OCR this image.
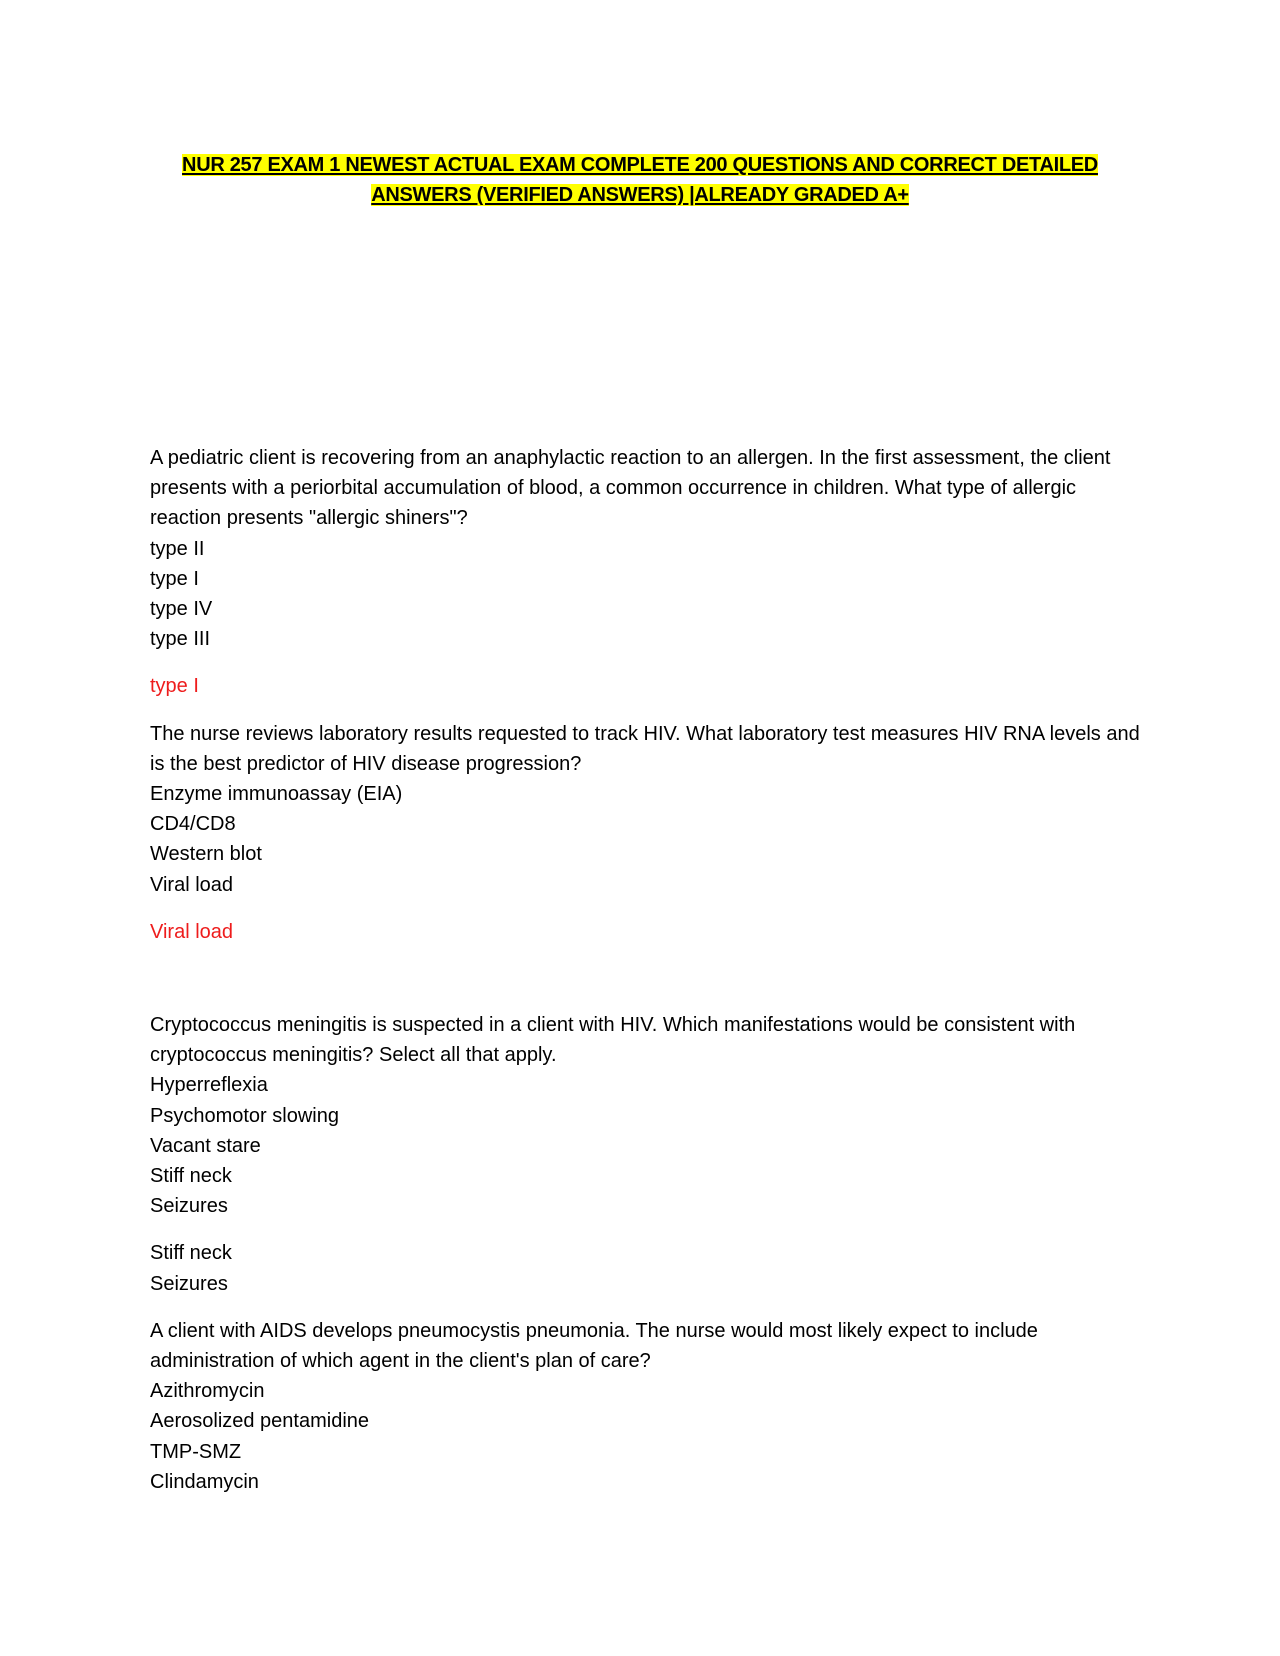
NUR 257 EXAM 1 NEWEST ACTUAL EXAM COMPLETE 200 QUESTIONS AND CORRECT DETAILED
ANSWERS (VERIFIED ANSWERS) |ALREADY GRADED A+

A pediatric client is recovering from an anaphylactic reaction to an allergen. In the first assessment, the client presents with a periorbital accumulation of blood, a common occurrence in children. What type of allergic reaction presents "allergic shiners"?

type II

type I

type IV

type III

type I

The nurse reviews laboratory results requested to track HIV. What laboratory test measures HIV RNA levels and is the best predictor of HIV disease progression?

Enzyme immunoassay (EIA)

CD4/CD8

Western blot

Viral load

Viral load

Cryptococcus meningitis is suspected in a client with HIV. Which manifestations would be consistent with cryptococcus meningitis? Select all that apply.

Hyperreflexia

Psychomotor slowing

Vacant stare

Stiff neck

Seizures

Stiff neck

Seizures

A client with AIDS develops pneumocystis pneumonia. The nurse would most likely expect to include administration of which agent in the client's plan of care?

Azithromycin

Aerosolized pentamidine

TMP-SMZ

Clindamycin
